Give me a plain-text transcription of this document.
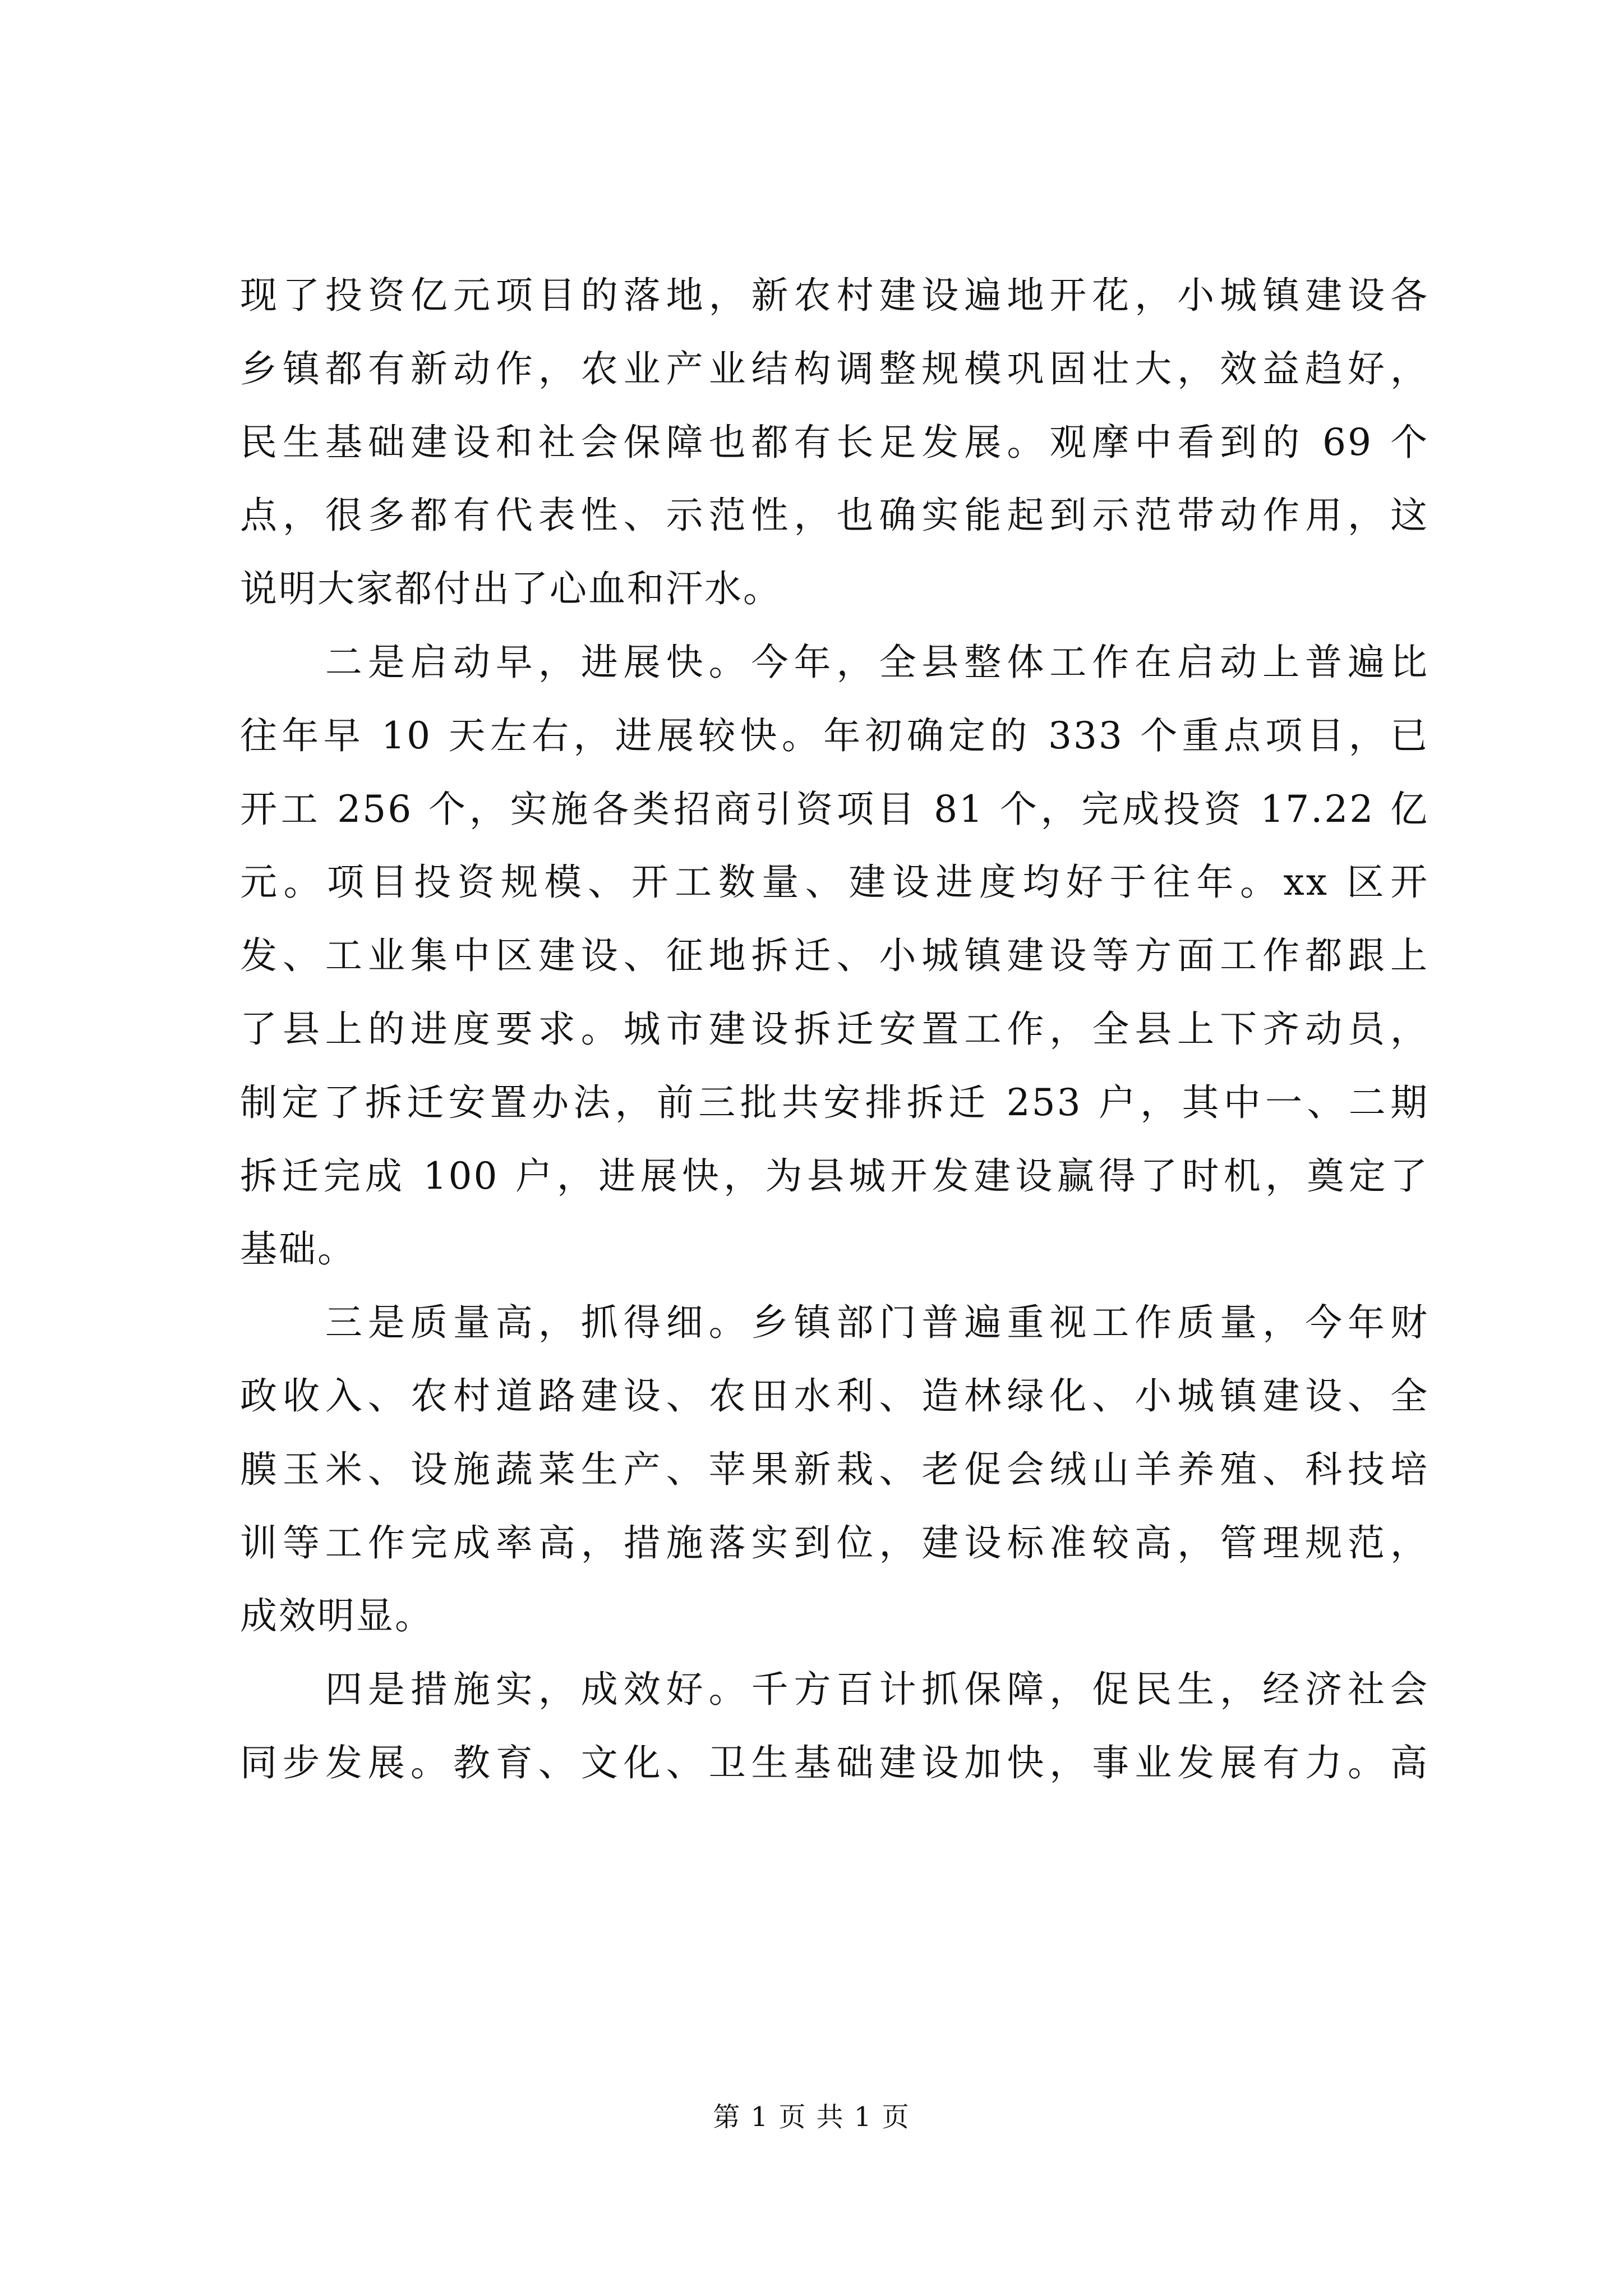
现了投资亿元项目的落地，新农村建设遍地开花，小城镇建设各
乡镇都有新动作，农业产业结构调整规模巩固壮大，效益趋好，
民生基础建设和社会保障也都有长足发展。观摩中看到的 69 个
点，很多都有代表性、示范性，也确实能起到示范带动作用，这
说明大家都付出了心血和汗水。
　　二是启动早，进展快。今年，全县整体工作在启动上普遍比
往年早 10 天左右，进展较快。年初确定的 333 个重点项目，已
开工 256 个，实施各类招商引资项目 81 个，完成投资 17.22 亿
元。项目投资规模、开工数量、建设进度均好于往年。xx 区开
发、工业集中区建设、征地拆迁、小城镇建设等方面工作都跟上
了县上的进度要求。城市建设拆迁安置工作，全县上下齐动员，
制定了拆迁安置办法，前三批共安排拆迁 253 户，其中一、二期
拆迁完成 100 户，进展快，为县城开发建设赢得了时机，奠定了
基础。
　　三是质量高，抓得细。乡镇部门普遍重视工作质量，今年财
政收入、农村道路建设、农田水利、造林绿化、小城镇建设、全
膜玉米、设施蔬菜生产、苹果新栽、老促会绒山羊养殖、科技培
训等工作完成率高，措施落实到位，建设标准较高，管理规范，
成效明显。
　　四是措施实，成效好。千方百计抓保障，促民生，经济社会
同步发展。教育、文化、卫生基础建设加快，事业发展有力。高
第 1 页 共 1 页
